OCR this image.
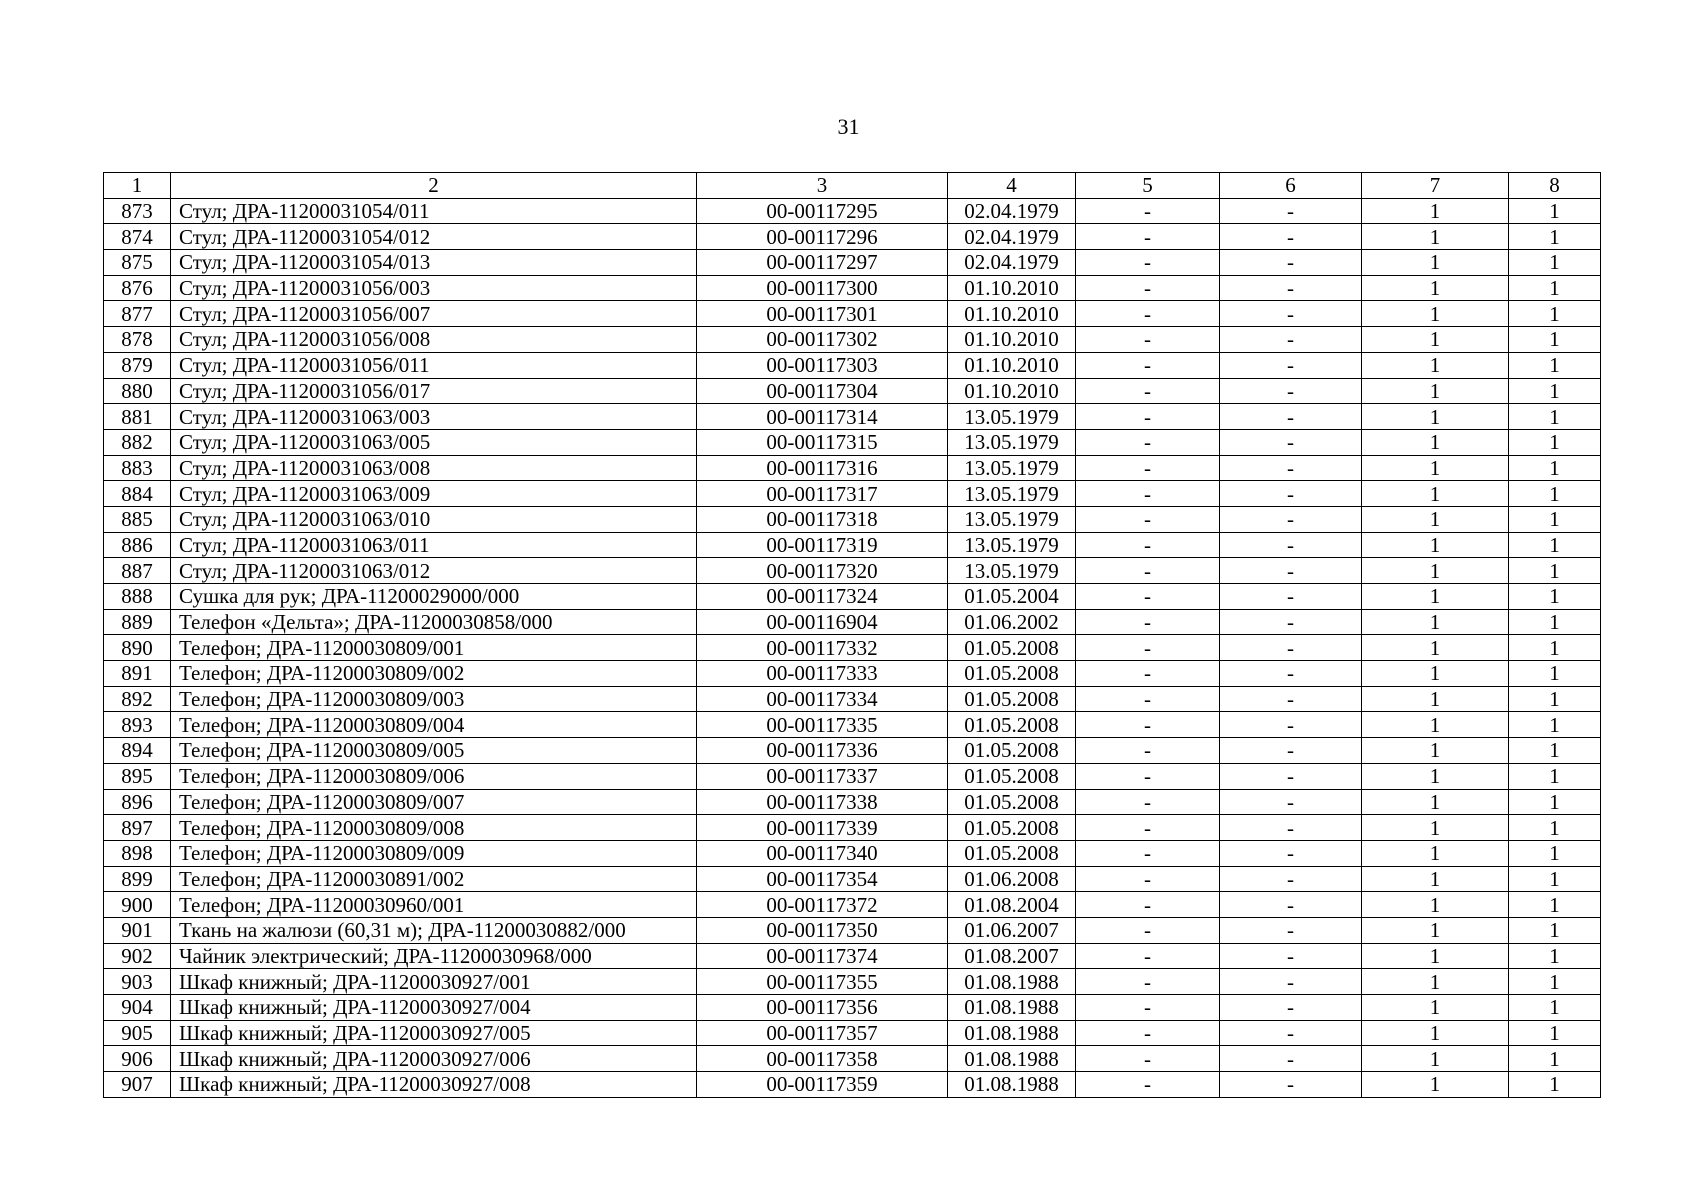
31
1	2	3	4	5	6	7	8
873	Стул; ДРА-11200031054/011	00-00117295	02.04.1979	-	-	1	1
874	Стул; ДРА-11200031054/012	00-00117296	02.04.1979	-	-	1	1
875	Стул; ДРА-11200031054/013	00-00117297	02.04.1979	-	-	1	1
876	Стул; ДРА-11200031056/003	00-00117300	01.10.2010	-	-	1	1
877	Стул; ДРА-11200031056/007	00-00117301	01.10.2010	-	-	1	1
878	Стул; ДРА-11200031056/008	00-00117302	01.10.2010	-	-	1	1
879	Стул; ДРА-11200031056/011	00-00117303	01.10.2010	-	-	1	1
880	Стул; ДРА-11200031056/017	00-00117304	01.10.2010	-	-	1	1
881	Стул; ДРА-11200031063/003	00-00117314	13.05.1979	-	-	1	1
882	Стул; ДРА-11200031063/005	00-00117315	13.05.1979	-	-	1	1
883	Стул; ДРА-11200031063/008	00-00117316	13.05.1979	-	-	1	1
884	Стул; ДРА-11200031063/009	00-00117317	13.05.1979	-	-	1	1
885	Стул; ДРА-11200031063/010	00-00117318	13.05.1979	-	-	1	1
886	Стул; ДРА-11200031063/011	00-00117319	13.05.1979	-	-	1	1
887	Стул; ДРА-11200031063/012	00-00117320	13.05.1979	-	-	1	1
888	Сушка для рук; ДРА-11200029000/000	00-00117324	01.05.2004	-	-	1	1
889	Телефон «Дельта»; ДРА-11200030858/000	00-00116904	01.06.2002	-	-	1	1
890	Телефон; ДРА-11200030809/001	00-00117332	01.05.2008	-	-	1	1
891	Телефон; ДРА-11200030809/002	00-00117333	01.05.2008	-	-	1	1
892	Телефон; ДРА-11200030809/003	00-00117334	01.05.2008	-	-	1	1
893	Телефон; ДРА-11200030809/004	00-00117335	01.05.2008	-	-	1	1
894	Телефон; ДРА-11200030809/005	00-00117336	01.05.2008	-	-	1	1
895	Телефон; ДРА-11200030809/006	00-00117337	01.05.2008	-	-	1	1
896	Телефон; ДРА-11200030809/007	00-00117338	01.05.2008	-	-	1	1
897	Телефон; ДРА-11200030809/008	00-00117339	01.05.2008	-	-	1	1
898	Телефон; ДРА-11200030809/009	00-00117340	01.05.2008	-	-	1	1
899	Телефон; ДРА-11200030891/002	00-00117354	01.06.2008	-	-	1	1
900	Телефон; ДРА-11200030960/001	00-00117372	01.08.2004	-	-	1	1
901	Ткань на жалюзи (60,31 м); ДРА-11200030882/000	00-00117350	01.06.2007	-	-	1	1
902	Чайник электрический; ДРА-11200030968/000	00-00117374	01.08.2007	-	-	1	1
903	Шкаф книжный; ДРА-11200030927/001	00-00117355	01.08.1988	-	-	1	1
904	Шкаф книжный; ДРА-11200030927/004	00-00117356	01.08.1988	-	-	1	1
905	Шкаф книжный; ДРА-11200030927/005	00-00117357	01.08.1988	-	-	1	1
906	Шкаф книжный; ДРА-11200030927/006	00-00117358	01.08.1988	-	-	1	1
907	Шкаф книжный; ДРА-11200030927/008	00-00117359	01.08.1988	-	-	1	1
